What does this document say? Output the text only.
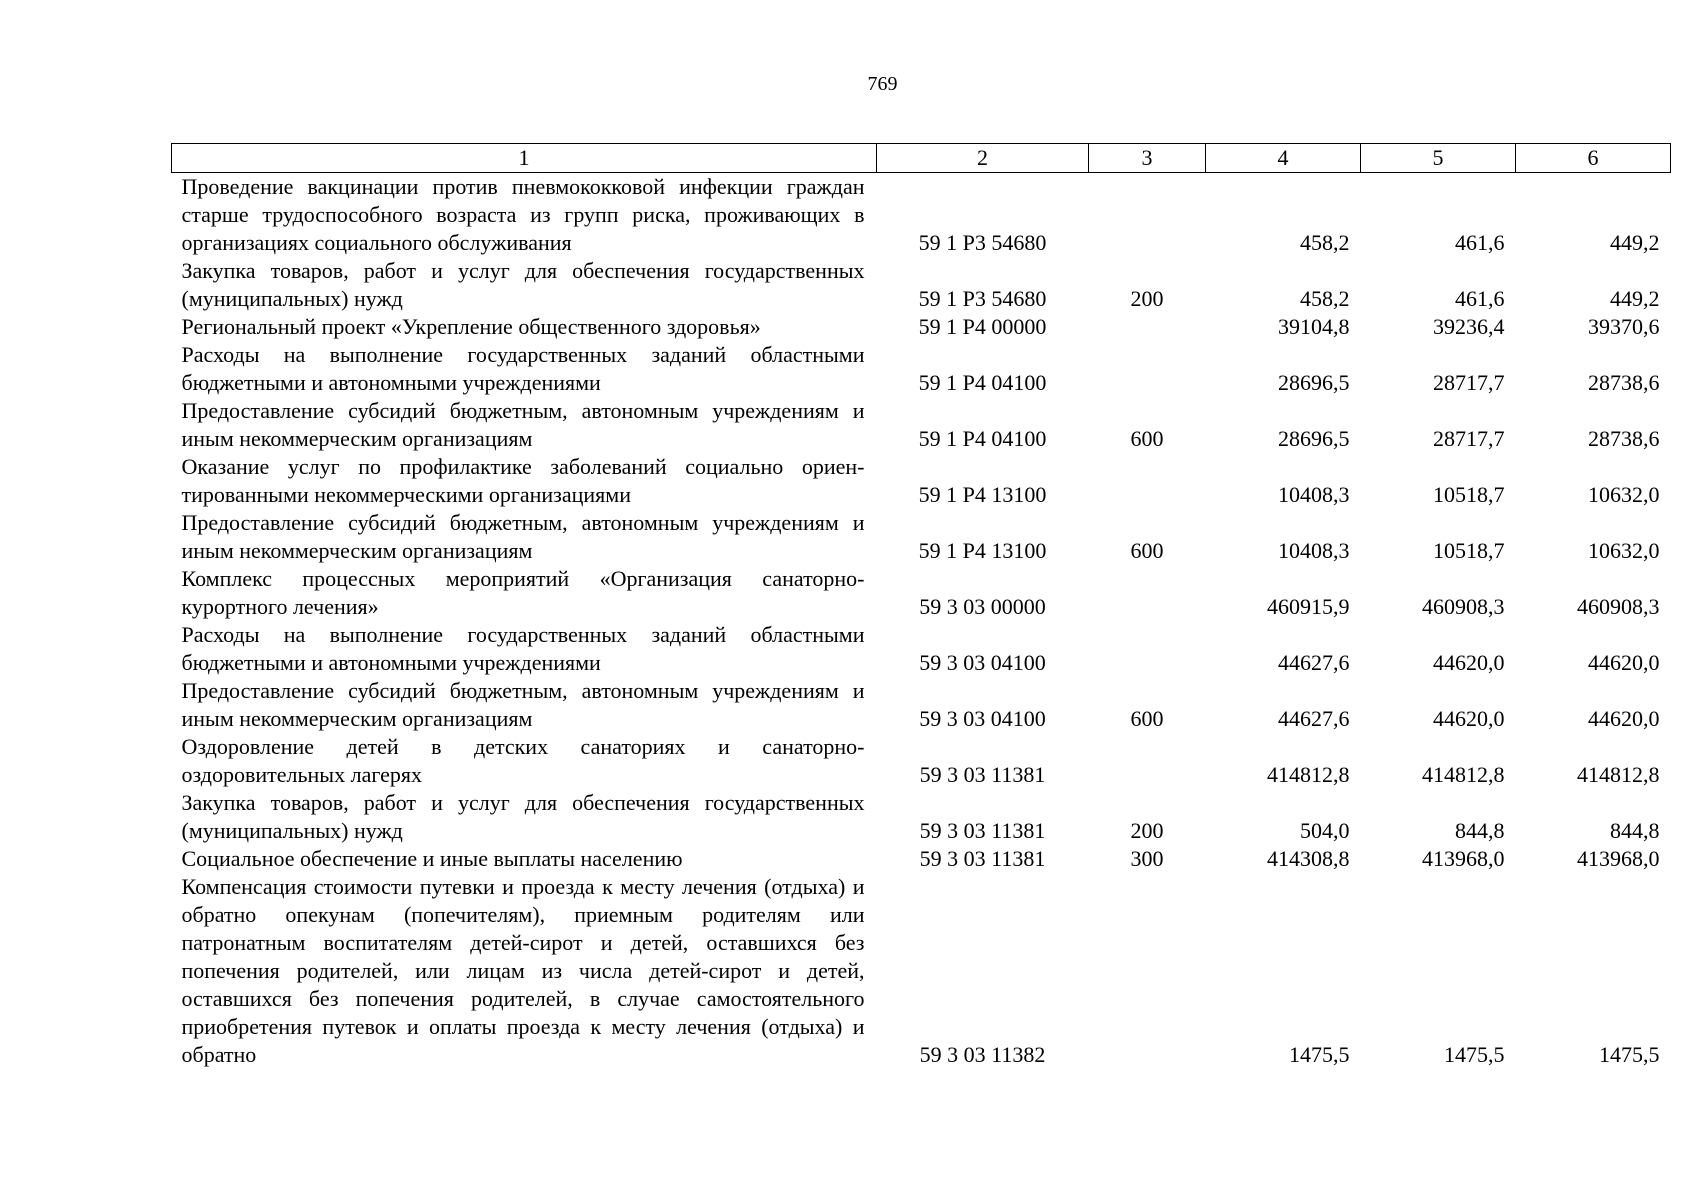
769
1	2	3	4	5	6
Проведение вакцинации против пневмококковой инфекции граждан старше трудоспособного возраста из групп риска, проживающих в организациях социального обслуживания	59 1 P3 54680		458,2	461,6	449,2
Закупка товаров, работ и услуг для обеспечения государственных (муниципальных) нужд	59 1 P3 54680	200	458,2	461,6	449,2
Региональный проект «Укрепление общественного здоровья»	59 1 P4 00000		39104,8	39236,4	39370,6
Расходы на выполнение государственных заданий областными бюджетными и автономными учреждениями	59 1 P4 04100		28696,5	28717,7	28738,6
Предоставление субсидий бюджетным, автономным учреждениям и иным некоммерческим организациям	59 1 P4 04100	600	28696,5	28717,7	28738,6
Оказание услуг по профилактике заболеваний социально ориентированными некоммерческими организациями	59 1 P4 13100		10408,3	10518,7	10632,0
Предоставление субсидий бюджетным, автономным учреждениям и иным некоммерческим организациям	59 1 P4 13100	600	10408,3	10518,7	10632,0
Комплекс процессных мероприятий «Организация санаторно-курортного лечения»	59 3 03 00000		460915,9	460908,3	460908,3
Расходы на выполнение государственных заданий областными бюджетными и автономными учреждениями	59 3 03 04100		44627,6	44620,0	44620,0
Предоставление субсидий бюджетным, автономным учреждениям и иным некоммерческим организациям	59 3 03 04100	600	44627,6	44620,0	44620,0
Оздоровление детей в детских санаториях и санаторно-оздоровительных лагерях	59 3 03 11381		414812,8	414812,8	414812,8
Закупка товаров, работ и услуг для обеспечения государственных (муниципальных) нужд	59 3 03 11381	200	504,0	844,8	844,8
Социальное обеспечение и иные выплаты населению	59 3 03 11381	300	414308,8	413968,0	413968,0
Компенсация стоимости путевки и проезда к месту лечения (отдыха) и обратно опекунам (попечителям), приемным родителям или патронатным воспитателям детей-сирот и детей, оставшихся без попечения родителей, или лицам из числа детей-сирот и детей, оставшихся без попечения родителей, в случае самостоятельного приобретения путевок и оплаты проезда к месту лечения (отдыха) и обратно	59 3 03 11382		1475,5	1475,5	1475,5
